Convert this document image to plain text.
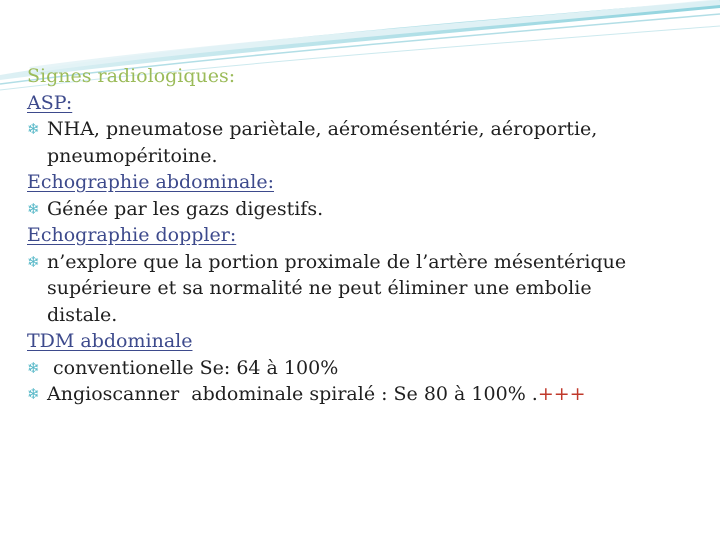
Signes radiologiques:
ASP:
❄ NHA, pneumatose pariètale, aéromésentérie, aéroportie,
pneumopéritoine.
Echographie abdominale:
❄ Génée par les gazs digestifs.
Echographie doppler:
❄ n’explore que la portion proximale de l’artère mésentérique
supérieure et sa normalité ne peut éliminer une embolie
distale.
TDM abdominale
❄ conventionelle Se: 64 à 100%
❄ Angioscanner  abdominale spiralé : Se 80 à 100% .+++
